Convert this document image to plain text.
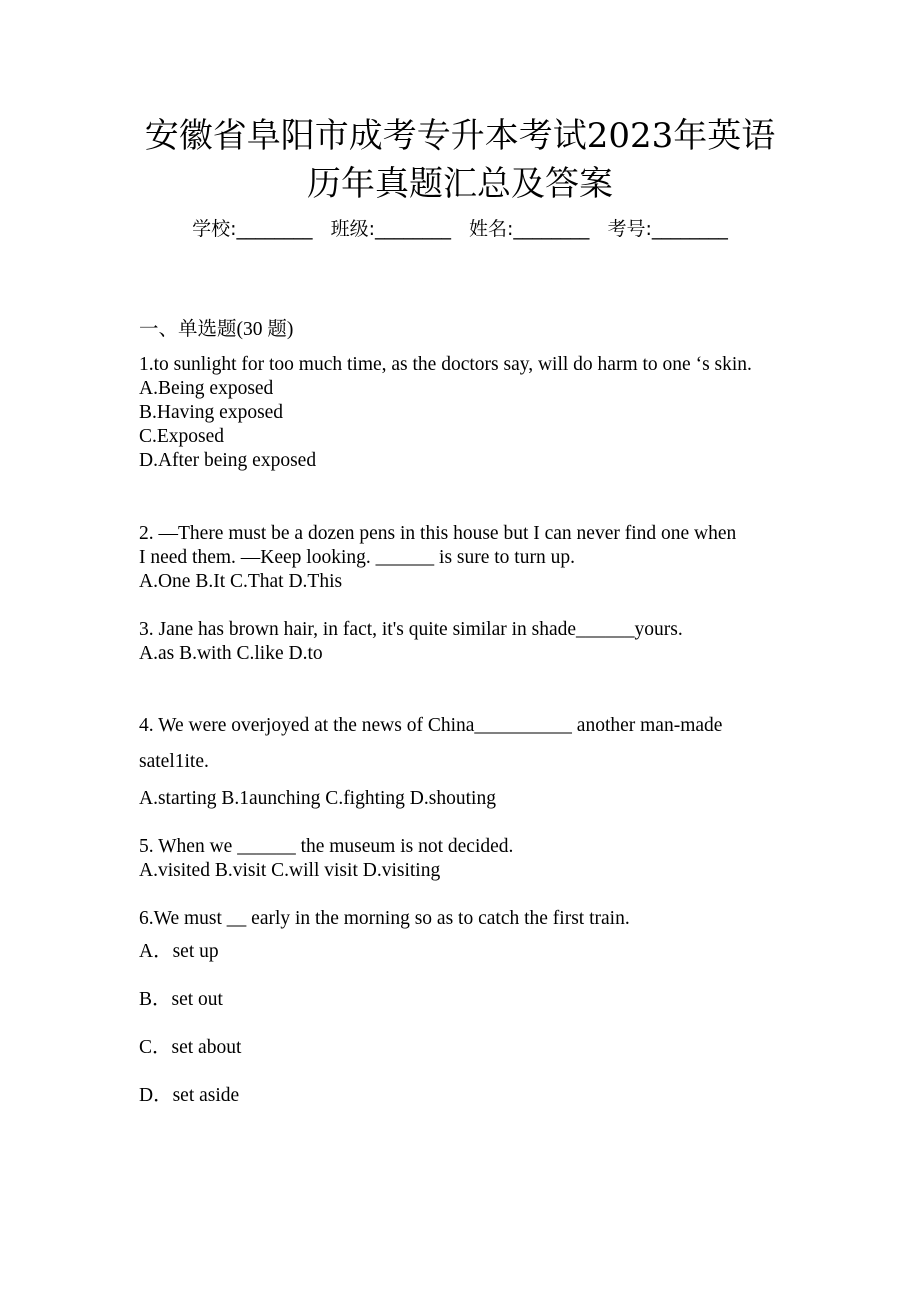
安徽省阜阳市成考专升本考试2023年英语
历年真题汇总及答案
学校:________ 班级:________ 姓名:________ 考号:________
一、单选题(30 题)
1.to sunlight for too much time, as the doctors say, will do harm to one ‘s skin.
A.Being exposed
B.Having exposed
C.Exposed
D.After being exposed
2. —There must be a dozen pens in this house but I can never find one when
I need them. —Keep looking. ______ is sure to turn up.
A.One B.It C.That D.This
3. Jane has brown hair, in fact, it's quite similar in shade______yours.
A.as B.with C.like D.to
4. We were overjoyed at the news of China__________ another man-made
satel1ite.
A.starting B.1aunching C.fighting D.shouting
5. When we ______ the museum is not decided.
A.visited B.visit C.will visit D.visiting
6.We must __ early in the morning so as to catch the first train.
A．set up
B．set out
C．set about
D．set aside
